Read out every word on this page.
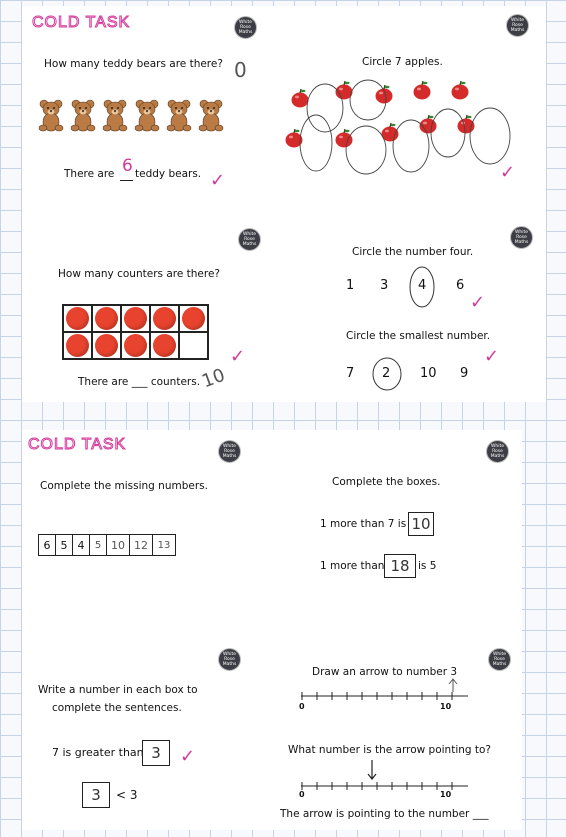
COLD TASK	White
Rose
Maths
White
Rose
Maths
White
Rose
Maths
White
Rose
Maths
How many teddy bears are there? 0
There are 6 teddy bears. ✓
Circle 7 apples.
✓
How many counters are there?
There are ___ counters. 10
✓
Circle the number four.
1 3 4 6
✓
Circle the smallest number.
7 2 10 9
✓
COLD TASK	White
Rose
Maths
White
Rose
Maths
White
Rose
Maths
White
Rose
Maths
Complete the missing numbers.
6 5 4	5 10 12 13
Complete the boxes.
1 more than 7 is 10
1 more than 18 is 5
Write a number in each box to
complete the sentences.
7 is greater than 3	✓
3	< 3
Draw an arrow to number 3
0	10
What number is the arrow pointing to?
0	10
The arrow is pointing to the number ___
